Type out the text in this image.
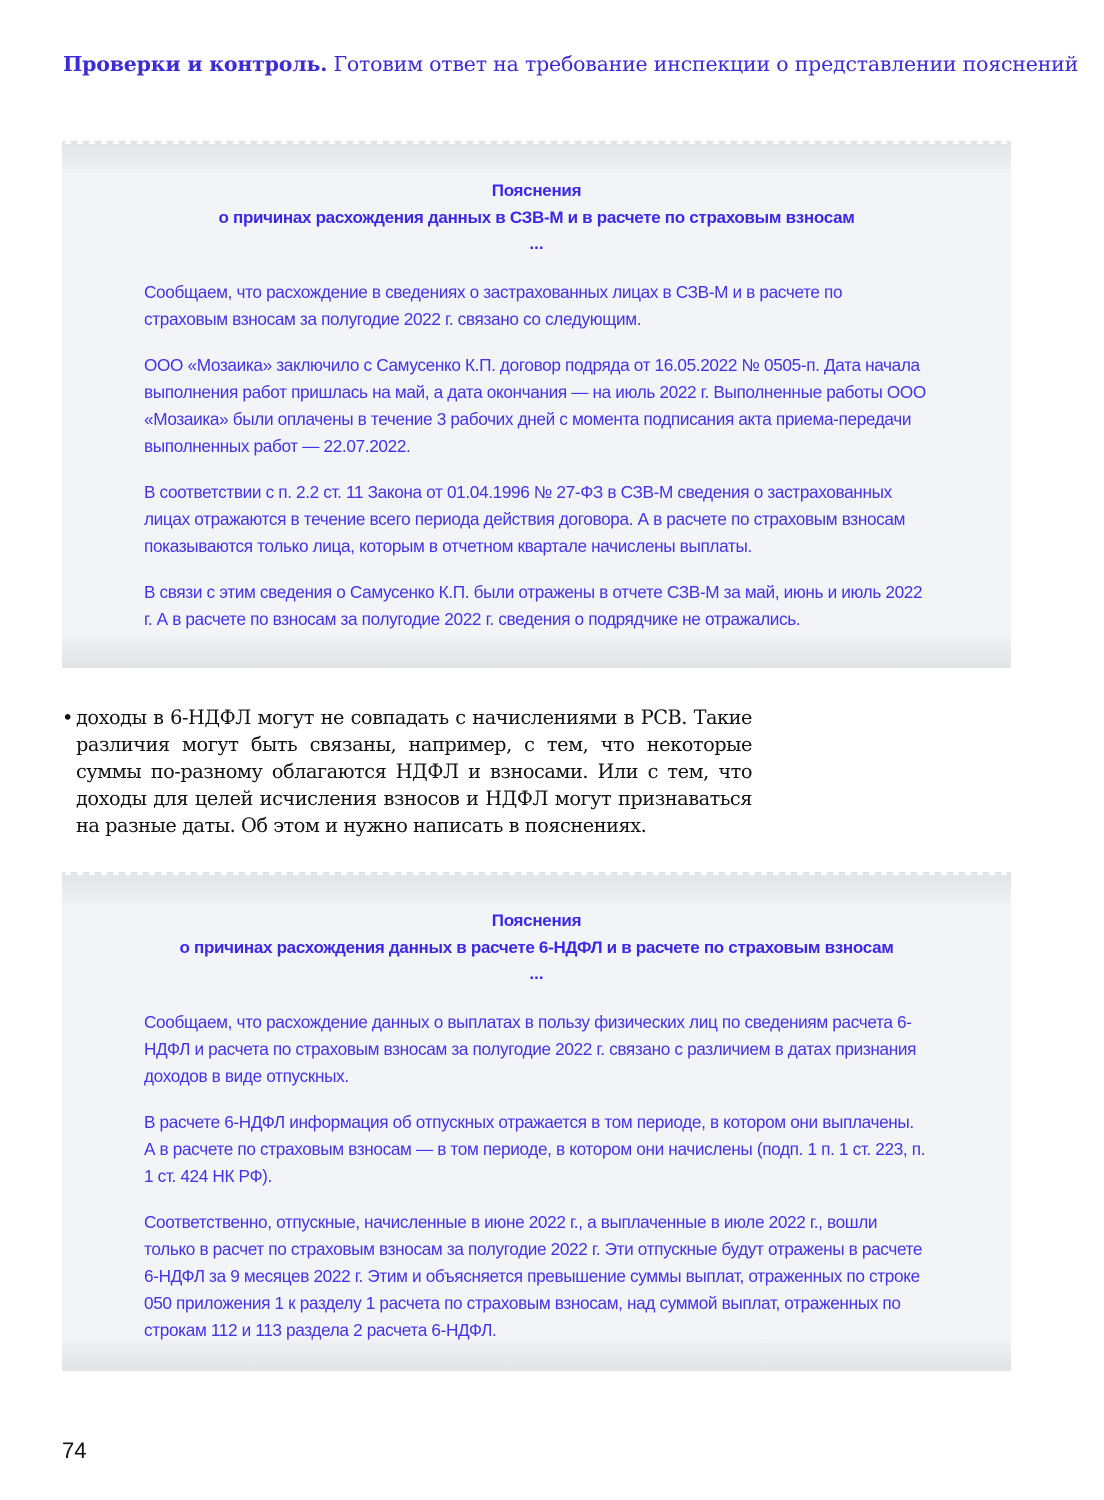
Проверки и контроль. Готовим ответ на требование инспекции о представлении пояснений
Пояснения
о причинах расхождения данных в СЗВ-М и в расчете по страховым взносам
...

Сообщаем, что расхождение в сведениях о застрахованных лицах в СЗВ-М и в расчете по страховым взносам за полугодие 2022 г. связано со следующим.

ООО «Мозаика» заключило с Самусенко К.П. договор подряда от 16.05.2022 № 0505-п. Дата начала выполнения работ пришлась на май, а дата окончания — на июль 2022 г. Выполненные работы ООО «Мозаика» были оплачены в течение 3 рабочих дней с момента подписания акта приема-передачи выполненных работ — 22.07.2022.

В соответствии с п. 2.2 ст. 11 Закона от 01.04.1996 № 27-ФЗ в СЗВ-М сведения о застрахованных лицах отражаются в течение всего периода действия договора. А в расчете по страховым взносам показываются только лица, которым в отчетном квартале начислены выплаты.

В связи с этим сведения о Самусенко К.П. были отражены в отчете СЗВ-М за май, июнь и июль 2022 г. А в расчете по взносам за полугодие 2022 г. сведения о подрядчике не отражались.

• доходы в 6-НДФЛ могут не совпадать с начислениями в РСВ. Такие различия могут быть связаны, например, с тем, что некоторые суммы по-разному облагаются НДФЛ и взносами. Или с тем, что доходы для целей исчисления взносов и НДФЛ могут признаваться на разные даты. Об этом и нужно написать в пояснениях.
Пояснения
о причинах расхождения данных в расчете 6-НДФЛ и в расчете по страховым взносам
...

Сообщаем, что расхождение данных о выплатах в пользу физических лиц по сведениям расчета 6-НДФЛ и расчета по страховым взносам за полугодие 2022 г. связано с различием в датах признания доходов в виде отпускных.

В расчете 6-НДФЛ информация об отпускных отражается в том периоде, в котором они выплачены. А в расчете по страховым взносам — в том периоде, в котором они начислены (подп. 1 п. 1 ст. 223, п. 1 ст. 424 НК РФ).

Соответственно, отпускные, начисленные в июне 2022 г., а выплаченные в июле 2022 г., вошли только в расчет по страховым взносам за полугодие 2022 г. Эти отпускные будут отражены в расчете 6-НДФЛ за 9 месяцев 2022 г. Этим и объясняется превышение суммы выплат, отраженных по строке 050 приложения 1 к разделу 1 расчета по страховым взносам, над суммой выплат, отраженных по строкам 112 и 113 раздела 2 расчета 6-НДФЛ.

74
